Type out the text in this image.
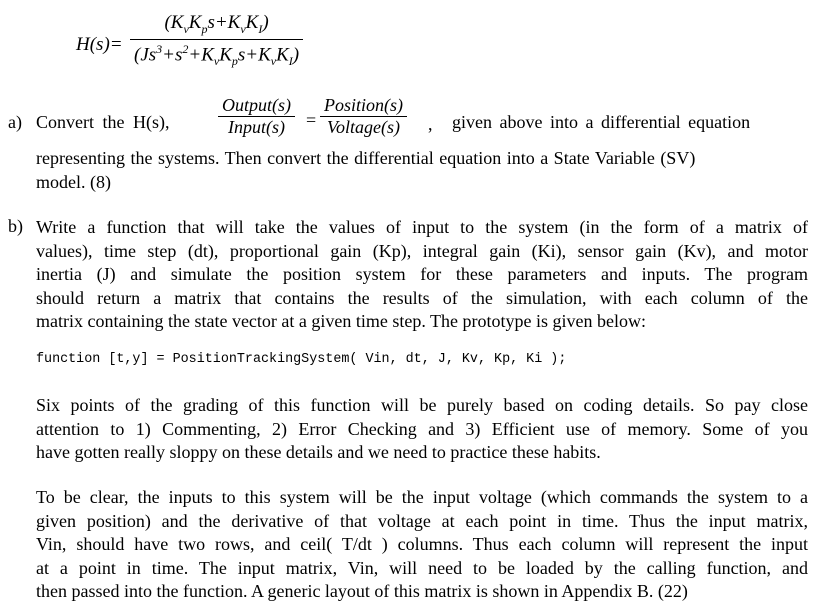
$H(s)= \frac{(K_vK_ps+K_vK_I)}{(Js^3+s^2+K_vK_ps+K_vK_I)}$
a) Convert the H(s),	$\frac{\text{Output(s)}}{\text{Input(s)}} = \frac{\text{Position(s)}}{\text{Voltage(s)}}$ , given above into a differential equation
representing the systems. Then convert the differential equation into a State Variable (SV)
model. (8)
b) Write a function that will take the values of input to the system (in the form of a matrix of
values), time step (dt), proportional gain (Kp), integral gain (Ki), sensor gain (Kv), and motor
inertia (J) and simulate the position system for these parameters and inputs. The program
should return a matrix that contains the results of the simulation, with each column of the
matrix containing the state vector at a given time step. The prototype is given below:
function [t,y] = PositionTrackingSystem( Vin, dt, J, Kv, Kp, Ki );
Six points of the grading of this function will be purely based on coding details. So pay close
attention to 1) Commenting, 2) Error Checking and 3) Efficient use of memory. Some of you
have gotten really sloppy on these details and we need to practice these habits.
To be clear, the inputs to this system will be the input voltage (which commands the system to a
given position) and the derivative of that voltage at each point in time. Thus the input matrix,
Vin, should have two rows, and ceil( T/dt ) columns. Thus each column will represent the input
at a point in time. The input matrix, Vin, will need to be loaded by the calling function, and
then passed into the function. A generic layout of this matrix is shown in Appendix B. (22)
